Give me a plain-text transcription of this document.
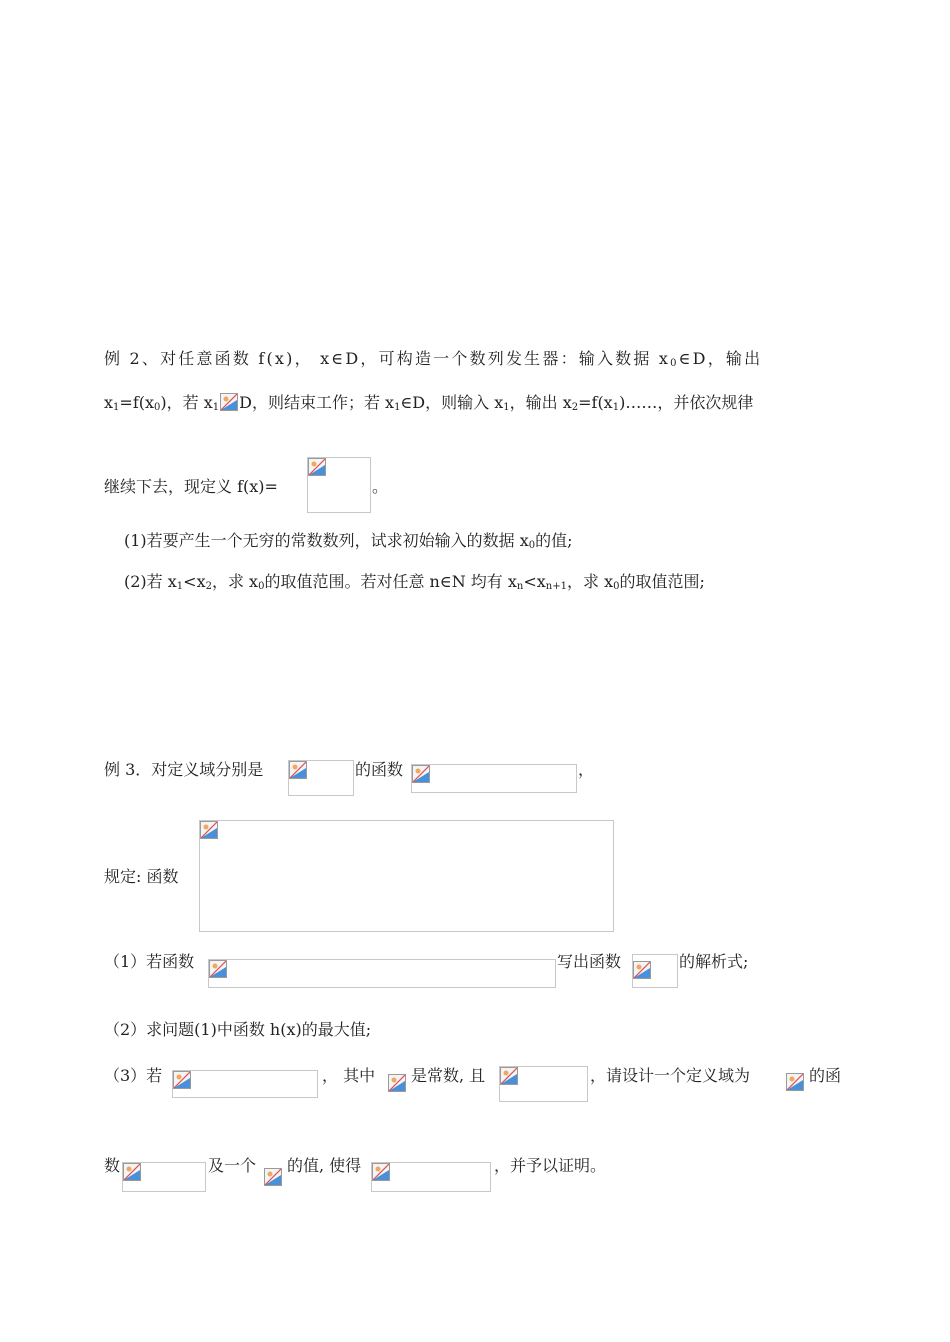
例 2、对任意函数 f(x)， x∈D，可构造一个数列发生器：输入数据 $x_0\in D$，输出
$x_1=f(x_0)$，若 $x_1$ D，则结束工作；若 $x_1\in D$，则输入 $x_1$，输出 $x_2=f(x_1)\dots\dots$，并依次规律
继续下去，现定义 f(x)=	。
(1)若要产生一个无穷的常数数列，试求初始输入的数据 $x_0$的值;
(2)若 $x_1<x_2$，求 $x_0$的取值范围。若对任意 n∈N 均有 $x_n<x_{n+1}$，求 $x_0$的取值范围;
例 3．对定义域分别是	的函数	，
规定: 函数
（1）若函数	写出函数	的解析式;
（2）求问题(1)中函数 h(x)的最大值;
（3）若	， 其中 是常数, 且	，请设计一个定义域为	的函
数	及一个 的值, 使得	，并予以证明。
